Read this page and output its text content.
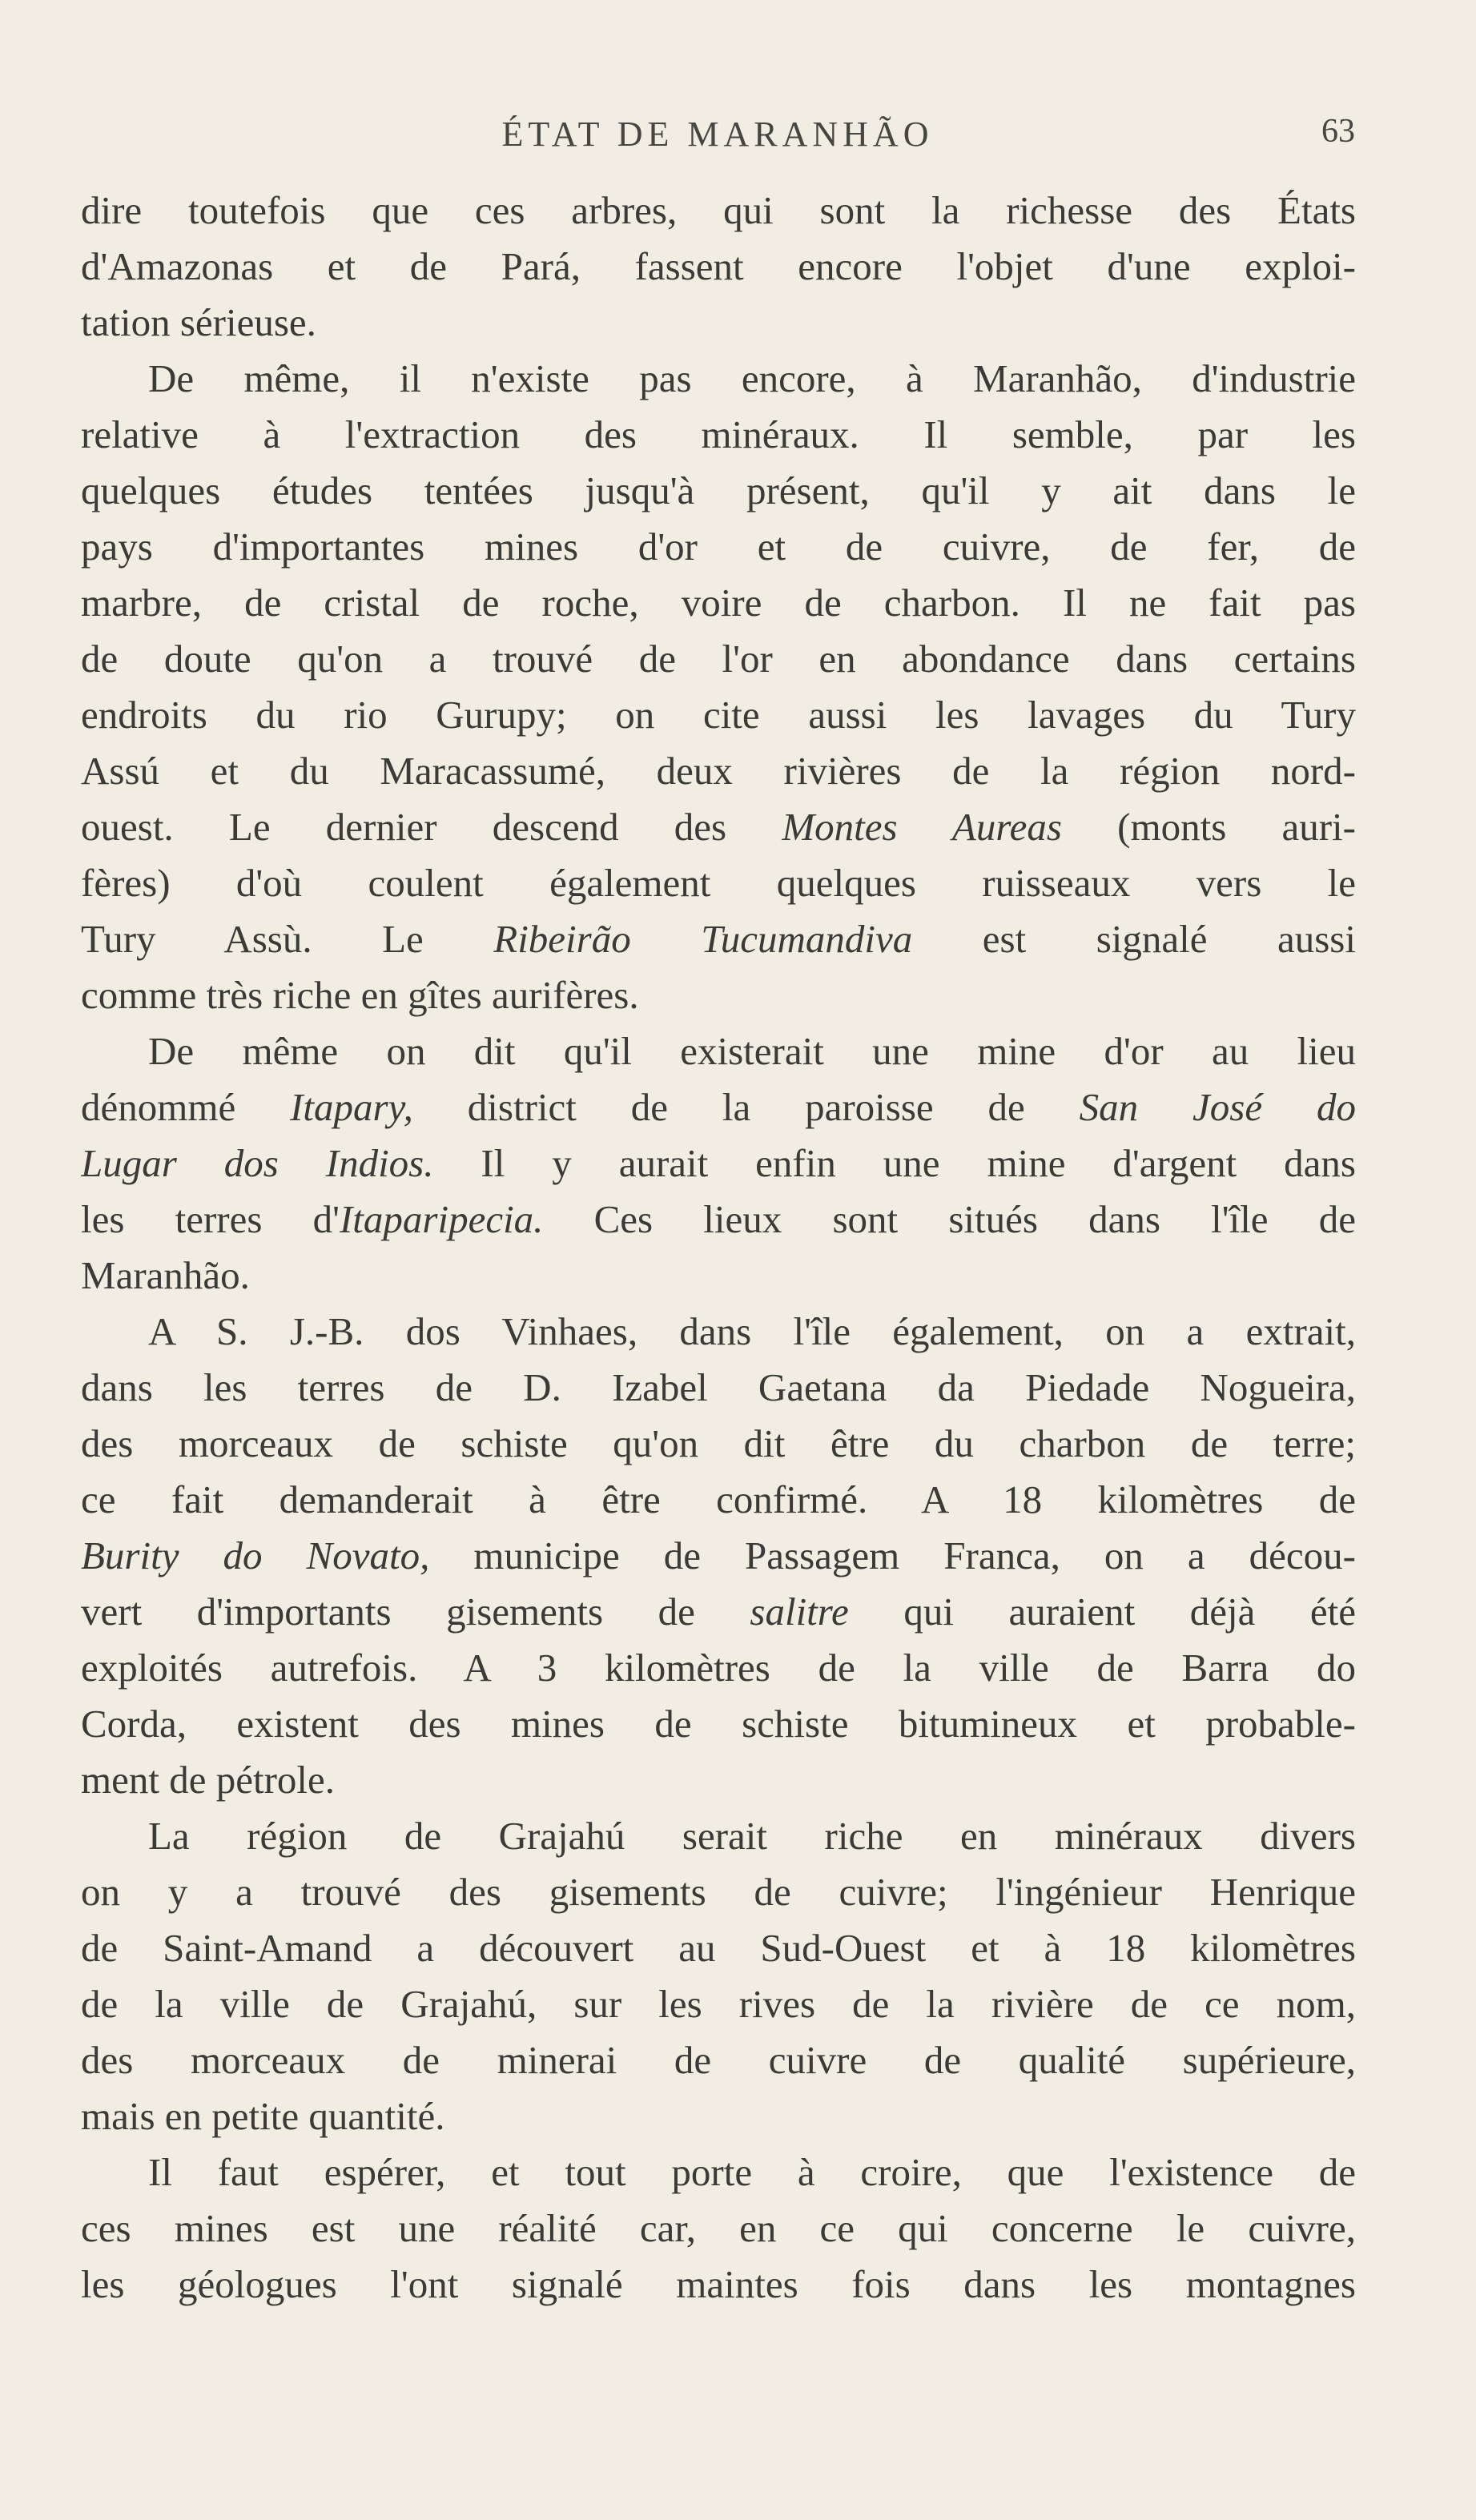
ÉTAT DE MARANHÃO	63
dire toutefois que ces arbres, qui sont la richesse des États
d'Amazonas et de Pará, fassent encore l'objet d'une exploi-
tation sérieuse.
De même, il n'existe pas encore, à Maranhão, d'industrie
relative à l'extraction des minéraux. Il semble, par les
quelques études tentées jusqu'à présent, qu'il y ait dans le
pays d'importantes mines d'or et de cuivre, de fer, de
marbre, de cristal de roche, voire de charbon. Il ne fait pas
de doute qu'on a trouvé de l'or en abondance dans certains
endroits du rio Gurupy; on cite aussi les lavages du Tury
Assú et du Maracassumé, deux rivières de la région nord-
ouest. Le dernier descend des Montes Aureas (monts auri-
fères) d'où coulent également quelques ruisseaux vers le
Tury Assù. Le Ribeirão Tucumandiva est signalé aussi
comme très riche en gîtes aurifères.
De même on dit qu'il existerait une mine d'or au lieu
dénommé Itapary, district de la paroisse de San José do
Lugar dos Indios. Il y aurait enfin une mine d'argent dans
les terres d'Itaparipecia. Ces lieux sont situés dans l'île de
Maranhão.
A S. J.-B. dos Vinhaes, dans l'île également, on a extrait,
dans les terres de D. Izabel Gaetana da Piedade Nogueira,
des morceaux de schiste qu'on dit être du charbon de terre;
ce fait demanderait à être confirmé. A 18 kilomètres de
Burity do Novato, municipe de Passagem Franca, on a décou-
vert d'importants gisements de salitre qui auraient déjà été
exploités autrefois. A 3 kilomètres de la ville de Barra do
Corda, existent des mines de schiste bitumineux et probable-
ment de pétrole.
La région de Grajahú serait riche en minéraux divers
on y a trouvé des gisements de cuivre; l'ingénieur Henrique
de Saint-Amand a découvert au Sud-Ouest et à 18 kilomètres
de la ville de Grajahú, sur les rives de la rivière de ce nom,
des morceaux de minerai de cuivre de qualité supérieure,
mais en petite quantité.
Il faut espérer, et tout porte à croire, que l'existence de
ces mines est une réalité car, en ce qui concerne le cuivre,
les géologues l'ont signalé maintes fois dans les montagnes
